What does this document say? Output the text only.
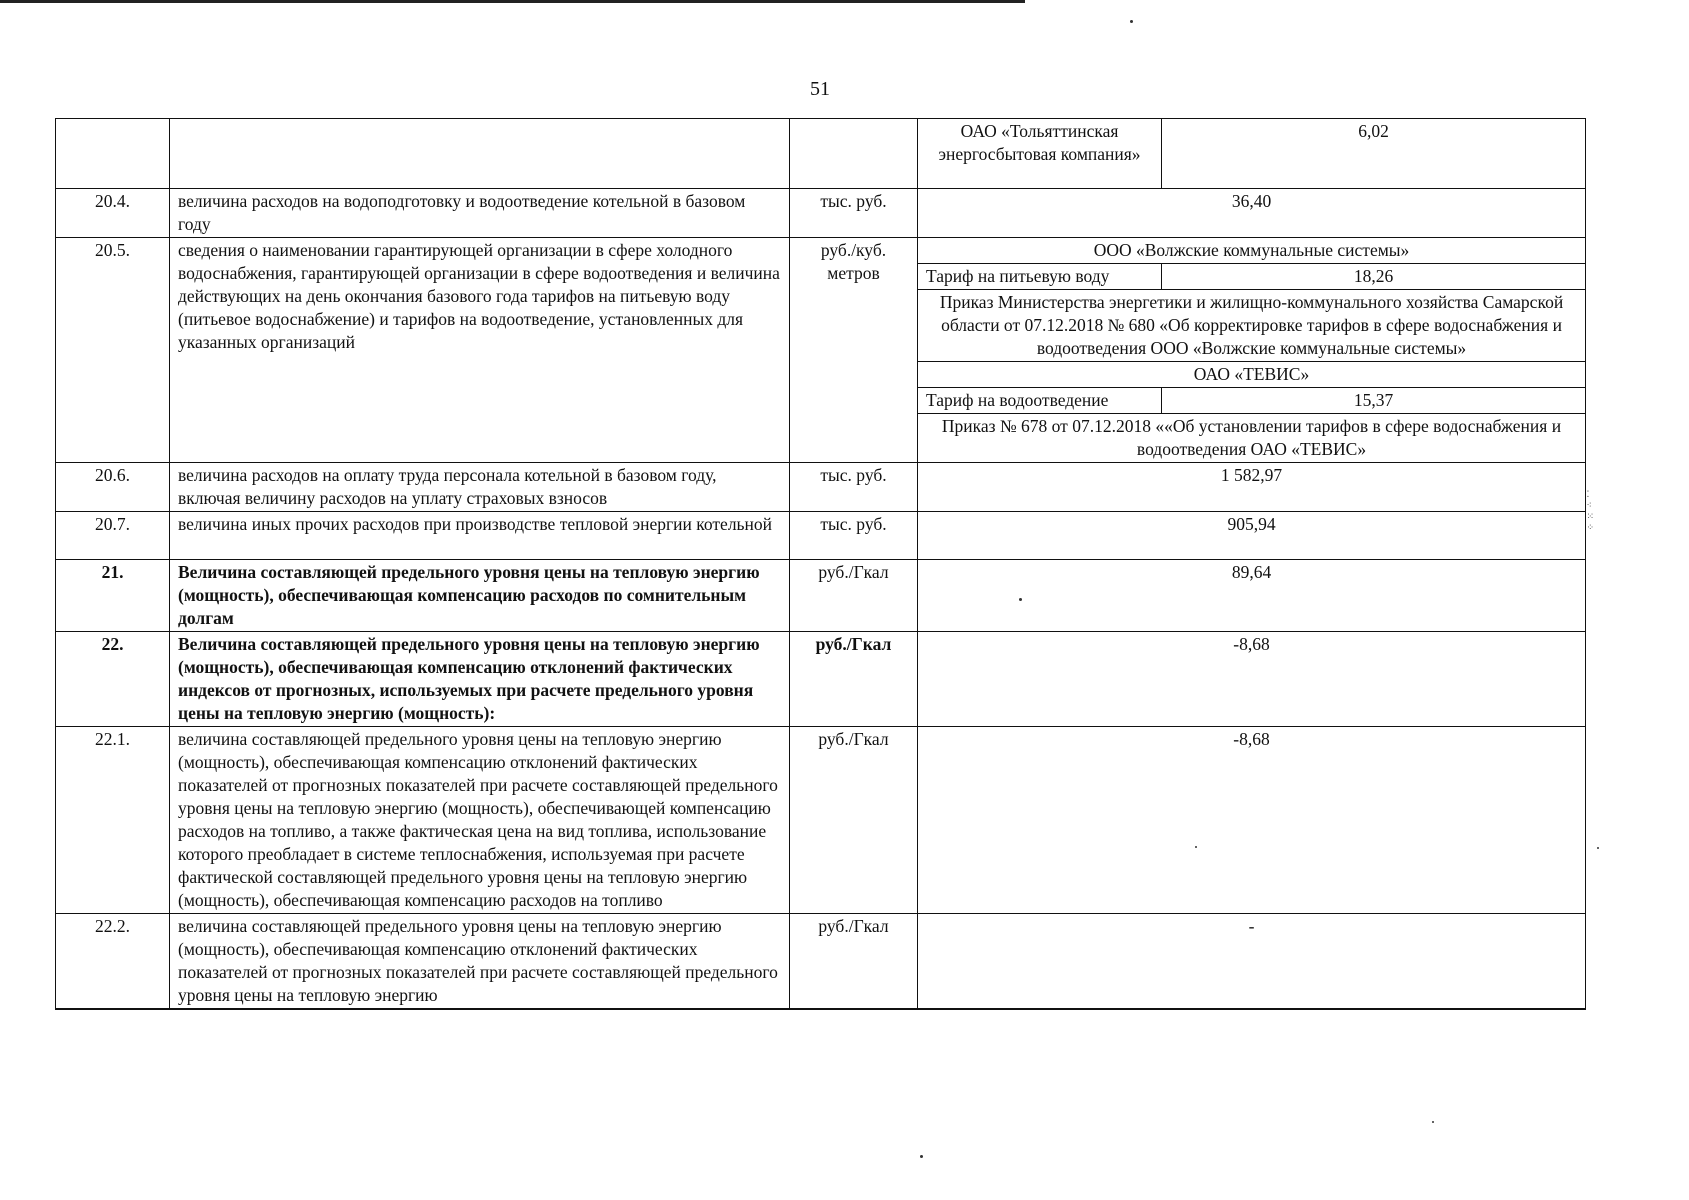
51
			ОАО «Тольяттинская энергосбытовая компания»	6,02
20.4.	величина расходов на водоподготовку и водоотведение котельной в базовом году	тыс. руб.	36,40	
20.5.	сведения о наименовании гарантирующей организации в сфере холодного водоснабжения, гарантирующей организации в сфере водоотведения и величина действующих на день окончания базового года тарифов на питьевую воду (питьевое водоснабжение) и тарифов на водоотведение, установленных для указанных организаций	руб./куб. метров	ООО «Волжские коммунальные системы»	
			Тариф на питьевую воду	18,26
			Приказ Министерства энергетики и жилищно-коммунального хозяйства Самарской области от 07.12.2018 № 680 «Об корректировке тарифов в сфере водоснабжения и водоотведения ООО «Волжские коммунальные системы»	
			ОАО «ТЕВИС»	
			Тариф на водоотведение	15,37
			Приказ № 678 от 07.12.2018 ««Об установлении тарифов в сфере водоснабжения и водоотведения ОАО «ТЕВИС»	
20.6.	величина расходов на оплату труда персонала котельной в базовом году, включая величину расходов на уплату страховых взносов	тыс. руб.	1 582,97	
20.7.	величина иных прочих расходов при производстве тепловой энергии котельной	тыс. руб.	905,94	
21.	Величина составляющей предельного уровня цены на тепловую энергию (мощность), обеспечивающая компенсацию расходов по сомнительным долгам	руб./Гкал	89,64	
22.	Величина составляющей предельного уровня цены на тепловую энергию (мощность), обеспечивающая компенсацию отклонений фактических индексов от прогнозных, используемых при расчете предельного уровня цены на тепловую энергию (мощность):	руб./Гкал	-8,68	
22.1.	величина составляющей предельного уровня цены на тепловую энергию (мощность), обеспечивающая компенсацию отклонений фактических показателей от прогнозных показателей при расчете составляющей предельного уровня цены на тепловую энергию (мощность), обеспечивающей компенсацию расходов на топливо, а также фактическая цена на вид топлива, использование которого преобладает в системе теплоснабжения, используемая при расчете фактической составляющей предельного уровня цены на тепловую энергию (мощность), обеспечивающая компенсацию расходов на топливо	руб./Гкал	-8,68	
22.2.	величина составляющей предельного уровня цены на тепловую энергию (мощность), обеспечивающая компенсацию отклонений фактических показателей от прогнозных показателей при расчете составляющей предельного уровня цены на тепловую энергию	руб./Гкал	-	
⁚
⁖
⁙
⁘
